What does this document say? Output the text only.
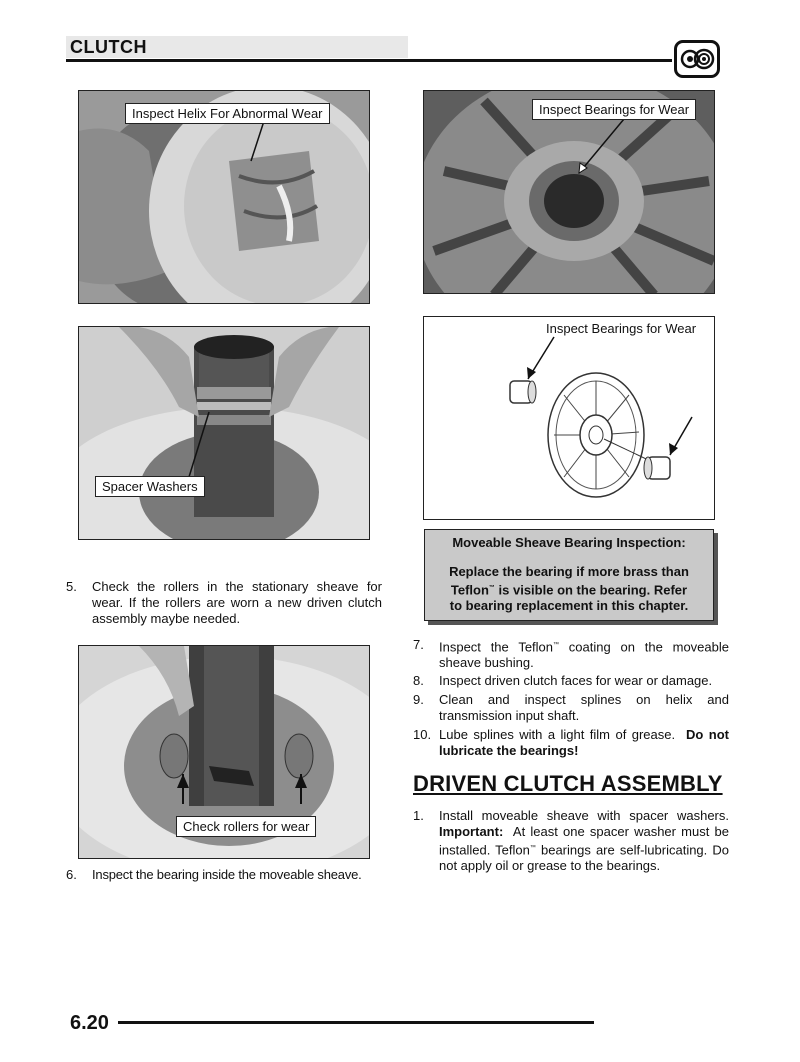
CLUTCH
Inspect Helix For Abnormal Wear	Inspect Bearings for Wear
Spacer Washers
Inspect Bearings for Wear
Moveable Sheave Bearing Inspection:
Replace the bearing if more brass than
Teflon™ is visible on the bearing. Refer
to bearing replacement in this chapter.
5. Check the rollers in the stationary sheave for wear. If the rollers are worn a new driven clutch assembly maybe needed.
Check rollers for wear
6. Inspect the bearing inside the moveable sheave.
7. Inspect the Teflon™ coating on the moveable sheave bushing.
8. Inspect driven clutch faces for wear or damage.
9. Clean and inspect splines on helix and transmission input shaft.
10. Lube splines with a light film of grease. Do not lubricate the bearings!
DRIVEN CLUTCH ASSEMBLY
1. Install moveable sheave with spacer washers. Important: At least one spacer washer must be installed. Teflon™ bearings are self-lubricating. Do not apply oil or grease to the bearings.
6.20
